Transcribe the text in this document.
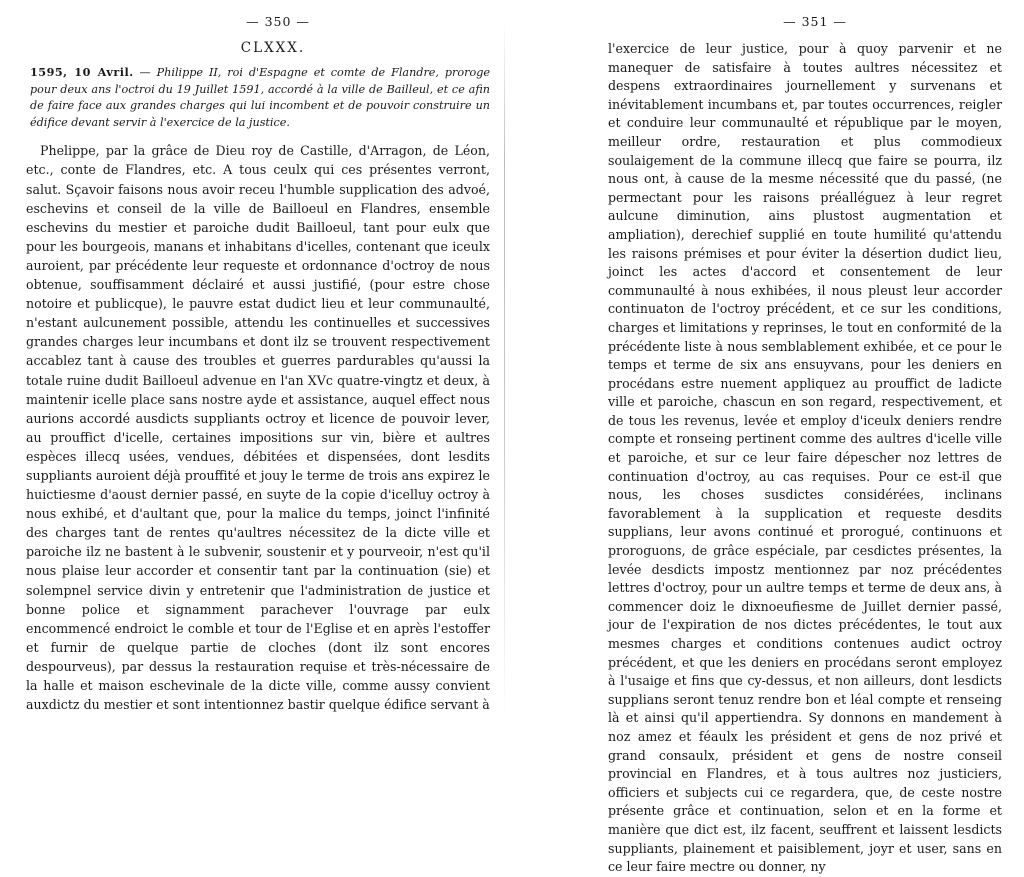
— 350 —
CLXXX.

1595, 10 Avril. — Philippe II, roi d'Espagne et comte de Flandre, proroge pour deux ans l'octroi du 19 Juillet 1591, accordé à la ville de Bailleul, et ce afin de faire face aux grandes charges qui lui incombent et de pouvoir construire un édifice devant servir à l'exercice de la justice.

Phelippe, par la grâce de Dieu roy de Castille, d'Arragon, de Léon, etc., conte de Flandres, etc. A tous ceulx qui ces présentes verront, salut. Sçavoir faisons nous avoir receu l'humble supplication des advoé, eschevins et conseil de la ville de Bailloeul en Flandres, ensemble eschevins du mestier et paroiche dudit Bailloeul, tant pour eulx que pour les bourgeois, manans et inhabitans d'icelles, contenant que iceulx auroient, par précédente leur requeste et ordonnance d'octroy de nous obtenue, souffisamment déclairé et aussi justifié, (pour estre chose notoire et publicque), le pauvre estat dudict lieu et leur communaulté, n'estant aulcunement possible, attendu les continuelles et successives grandes charges leur incumbans et dont ilz se trouvent respectivement accablez tant à cause des troubles et guerres pardurables qu'aussi la totale ruine dudit Bailloeul advenue en l'an XVc quatre-vingtz et deux, à maintenir icelle place sans nostre ayde et assistance, auquel effect nous aurions accordé ausdicts suppliants octroy et licence de pouvoir lever, au prouffict d'icelle, certaines impositions sur vin, bière et aultres espèces illecq usées, vendues, débitées et dispensées, dont lesdits suppliants auroient déjà prouffité et jouy le terme de trois ans expirez le huictiesme d'aoust dernier passé, en suyte de la copie d'icelluy octroy à nous exhibé, et d'aultant que, pour la malice du temps, joinct l'infinité des charges tant de rentes qu'aultres nécessitez de la dicte ville et paroiche ilz ne bastent à le subvenir, soustenir et y pourveoir, n'est qu'il nous plaise leur accorder et consentir tant par la continuation (sie) et solempnel service divin y entretenir que l'administration de justice et bonne police et signamment parachever l'ouvrage par eulx encommencé endroict le comble et tour de l'Eglise et en après l'estoffer et furnir de quelque partie de cloches (dont ilz sont encores despourveus), par dessus la restauration requise et très-nécessaire de la halle et maison eschevinale de la dicte ville, comme aussy convient auxdictz du mestier et sont intentionnez bastir quelque édifice servant à

— 351 —

l'exercice de leur justice, pour à quoy parvenir et ne manequer de satisfaire à toutes aultres nécessitez et despens extraordinaires journellement y survenans et inévitablement incumbans et, par toutes occurrences, reigler et conduire leur communaulté et république par le moyen, meilleur ordre, restauration et plus commodieux soulaigement de la commune illecq que faire se pourra, ilz nous ont, à cause de la mesme nécessité que du passé, (ne permectant pour les raisons préalléguez à leur regret aulcune diminution, ains plustost augmentation et ampliation), derechief supplié en toute humilité qu'attendu les raisons prémises et pour éviter la désertion dudict lieu, joinct les actes d'accord et consentement de leur communaulté à nous exhibées, il nous pleust leur accorder continuaton de l'octroy précédent, et ce sur les conditions, charges et limitations y reprinses, le tout en conformité de la précédente liste à nous semblablement exhibée, et ce pour le temps et terme de six ans ensuyvans, pour les deniers en procédans estre nuement appliquez au prouffict de ladicte ville et paroiche, chascun en son regard, respectivement, et de tous les revenus, levée et employ d'iceulx deniers rendre compte et ronseing pertinent comme des aultres d'icelle ville et paroiche, et sur ce leur faire dépescher noz lettres de continuation d'octroy, au cas requises. Pour ce est-il que nous, les choses susdictes considérées, inclinans favorablement à la supplication et requeste desdits supplians, leur avons continué et prorogué, continuons et proroguons, de grâce espéciale, par cesdictes présentes, la levée desdicts impostz mentionnez par noz précédentes lettres d'octroy, pour un aultre temps et terme de deux ans, à commencer doiz le dixnoeufiesme de Juillet dernier passé, jour de l'expiration de nos dictes précédentes, le tout aux mesmes charges et conditions contenues audict octroy précédent, et que les deniers en procédans seront employez à l'usaige et fins que cy-dessus, et non ailleurs, dont lesdicts supplians seront tenuz rendre bon et léal compte et renseing là et ainsi qu'il appertiendra. Sy donnons en mandement à noz amez et féaulx les président et gens de noz privé et grand consaulx, président et gens de nostre conseil provincial en Flandres, et à tous aultres noz justiciers, officiers et subjects cui ce regardera, que, de ceste nostre présente grâce et continuation, selon et en la forme et manière que dict est, ilz facent, seuffrent et laissent lesdicts suppliants, plainement et paisiblement, joyr et user, sans en ce leur faire mectre ou donner, ny
